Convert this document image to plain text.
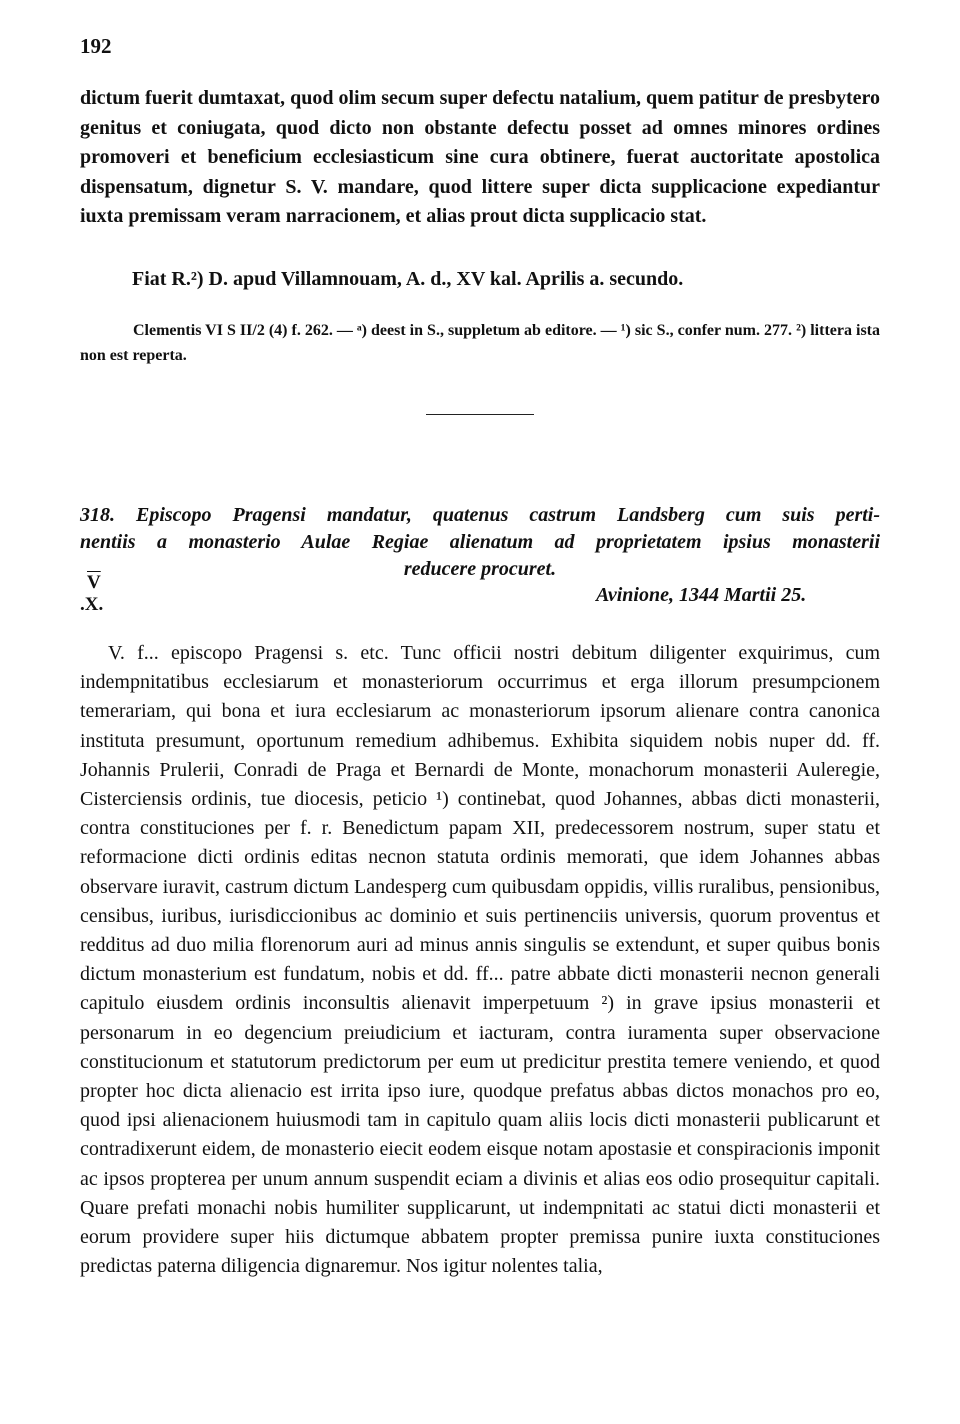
192

dictum fuerit dumtaxat, quod olim secum super defectu natalium, quem patitur de presbytero genitus et coniugata, quod dicto non obstante defectu posset ad omnes minores ordines promoveri et beneficium ecclesiasticum sine cura obtinere, fuerat auctoritate apostolica dispensatum, dignetur S. V. mandare, quod littere super dicta supplicacione expediantur iuxta premissam veram narracionem, et alias prout dicta supplicacio stat.

Fiat R.²) D. apud Villamnouam, A. d., XV kal. Aprilis a. secundo.
Clementis VI S II/2 (4) f. 262. — ᵃ) deest in S., suppletum ab editore. — ¹) sic S., confer num. 277. ²) littera ista non est reperta.
318. Episcopo Pragensi mandatur, quatenus castrum Landsberg cum suis perti-
nentiis a monasterio Aulae Regiae alienatum ad proprietatem ipsius monasterii
reducere procuret.
$\overline{V}$
.X.	Avinione, 1344 Martii 25.

V. f... episcopo Pragensi s. etc. Tunc officii nostri debitum diligenter exquirimus, cum indempnitatibus ecclesiarum et monasteriorum occurrimus et erga illorum presumpcionem temerariam, qui bona et iura ecclesiarum ac monasteriorum ipsorum alienare contra canonica instituta presumunt, oportunum remedium adhibemus. Exhibita siquidem nobis nuper dd. ff. Johannis Prulerii, Conradi de Praga et Bernardi de Monte, monachorum monasterii Auleregie, Cisterciensis ordinis, tue diocesis, peticio ¹) continebat, quod Johannes, abbas dicti monasterii, contra constituciones per f. r. Benedictum papam XII, predecessorem nostrum, super statu et reformacione dicti ordinis editas necnon statuta ordinis memorati, que idem Johannes abbas observare iuravit, castrum dictum Landesperg cum quibusdam oppidis, villis ruralibus, pensionibus, censibus, iuribus, iurisdiccionibus ac dominio et suis pertinenciis universis, quorum proventus et redditus ad duo milia florenorum auri ad minus annis singulis se extendunt, et super quibus bonis dictum monasterium est fundatum, nobis et dd. ff... patre abbate dicti monasterii necnon generali capitulo eiusdem ordinis inconsultis alienavit imperpetuum ²) in grave ipsius monasterii et personarum in eo degencium preiudicium et iacturam, contra iuramenta super observacione constitucionum et statutorum predictorum per eum ut predicitur prestita temere veniendo, et quod propter hoc dicta alienacio est irrita ipso iure, quodque prefatus abbas dictos monachos pro eo, quod ipsi alienacionem huiusmodi tam in capitulo quam aliis locis dicti monasterii publicarunt et contradixerunt eidem, de monasterio eiecit eodem eisque notam apostasie et conspiracionis imponit ac ipsos propterea per unum annum suspendit eciam a divinis et alias eos odio prosequitur capitali. Quare prefati monachi nobis humiliter supplicarunt, ut indempnitati ac statui dicti monasterii et eorum providere super hiis dictumque abbatem propter premissa punire iuxta constituciones predictas paterna diligencia dignaremur. Nos igitur nolentes talia,
